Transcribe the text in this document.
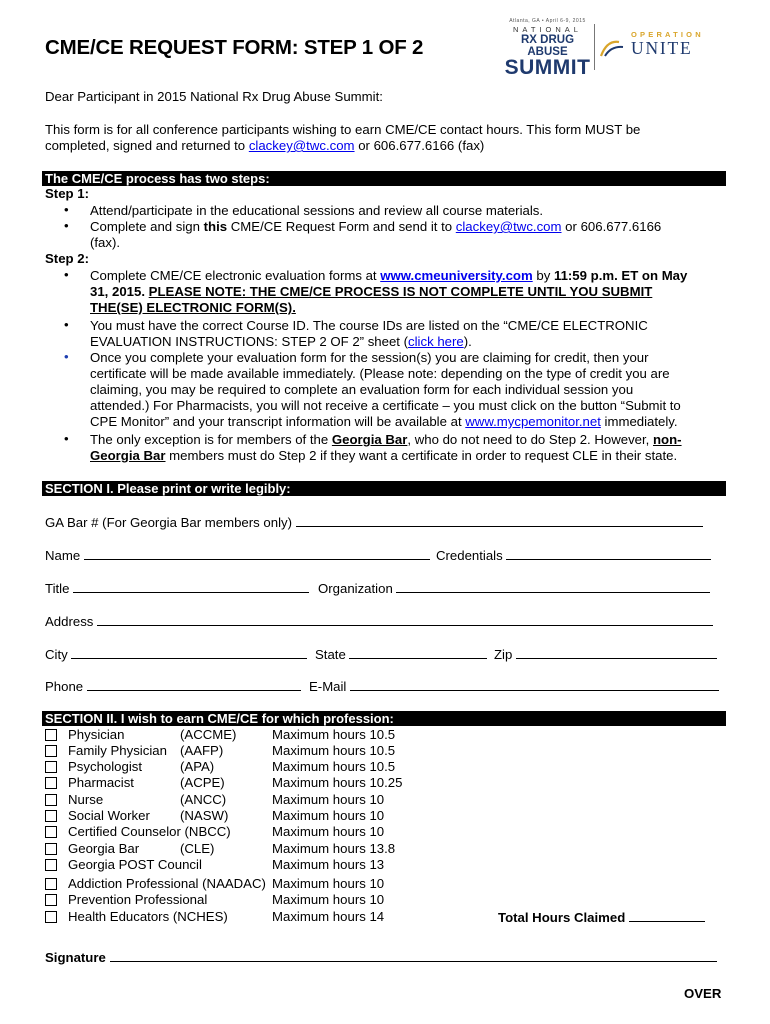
CME/CE REQUEST FORM: STEP 1 OF 2
Atlanta, GA • April 6-9, 2015
NATIONAL
RX DRUG ABUSE
SUMMIT
OPERATION
UNITE

Dear Participant in 2015 National Rx Drug Abuse Summit:

This form is for all conference participants wishing to earn CME/CE contact hours. This form MUST be

completed, signed and returned to clackey@twc.com or 606.677.6166 (fax)

The CME/CE process has two steps:

Step 1:

• Attend/participate in the educational sessions and review all course materials.
• Complete and sign this CME/CE Request Form and send it to clackey@twc.com or 606.677.6166
(fax).

Step 2:

• Complete CME/CE electronic evaluation forms at www.cmeuniversity.com by 11:59 p.m. ET on May
31, 2015. PLEASE NOTE: THE CME/CE PROCESS IS NOT COMPLETE UNTIL YOU SUBMIT
THE(SE) ELECTRONIC FORM(S).
• You must have the correct Course ID. The course IDs are listed on the “CME/CE ELECTRONIC
EVALUATION INSTRUCTIONS: STEP 2 OF 2” sheet (click here).
• Once you complete your evaluation form for the session(s) you are claiming for credit, then your
certificate will be made available immediately. (Please note: depending on the type of credit you are
claiming, you may be required to complete an evaluation form for each individual session you
attended.) For Pharmacists, you will not receive a certificate – you must click on the button “Submit to
CPE Monitor” and your transcript information will be available at www.mycpemonitor.net immediately.
• The only exception is for members of the Georgia Bar, who do not need to do Step 2. However, non-
Georgia Bar members must do Step 2 if they want a certificate in order to request CLE in their state.
SECTION I. Please print or write legibly:
GA Bar # (For Georgia Bar members only)
Name	Credentials
Title	Organization
Address
City	State	Zip
Phone	E-Mail
SECTION II. I wish to earn CME/CE for which profession:
Physician	(ACCME)	Maximum hours 10.5
Family Physician (AAFP)	Maximum hours 10.5
Psychologist	(APA)	Maximum hours 10.5
Pharmacist	(ACPE)	Maximum hours 10.25
Nurse	(ANCC)	Maximum hours 10
Social Worker (NASW)	Maximum hours 10
Certified Counselor (NBCC)	Maximum hours 10
Georgia Bar	(CLE)	Maximum hours 13.8
Georgia POST Council	Maximum hours 13
Addiction Professional (NAADAC) Maximum hours 10
Prevention Professional	Maximum hours 10
Health Educators (NCHES)	Maximum hours 14	Total Hours Claimed
Signature
OVER
